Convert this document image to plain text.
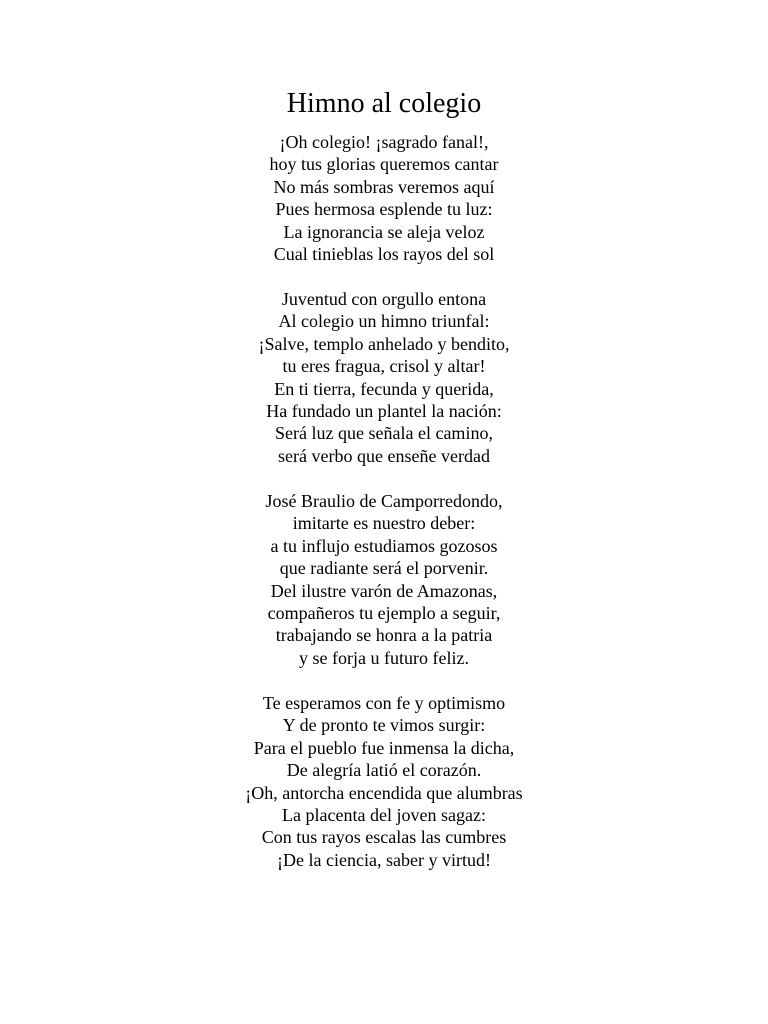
Himno al colegio
¡Oh colegio! ¡sagrado fanal!,
hoy tus glorias queremos cantar
No más sombras veremos aquí
Pues hermosa esplende tu luz:
La ignorancia se aleja veloz
Cual tinieblas los rayos del sol
Juventud con orgullo entona
Al colegio un himno triunfal:
¡Salve, templo anhelado y bendito,
tu eres fragua, crisol y altar!
En ti tierra, fecunda y querida,
Ha fundado un plantel la nación:
Será luz que señala el camino,
será verbo que enseñe verdad
José Braulio de Camporredondo,
imitarte es nuestro deber:
a tu influjo estudiamos gozosos
que radiante será el porvenir.
Del ilustre varón de Amazonas,
compañeros tu ejemplo a seguir,
trabajando se honra a la patria
y se forja u futuro feliz.
Te esperamos con fe y optimismo
Y de pronto te vimos surgir:
Para el pueblo fue inmensa la dicha,
De alegría latió el corazón.
¡Oh, antorcha encendida que alumbras
La placenta del joven sagaz:
Con tus rayos escalas las cumbres
¡De la ciencia, saber y virtud!
